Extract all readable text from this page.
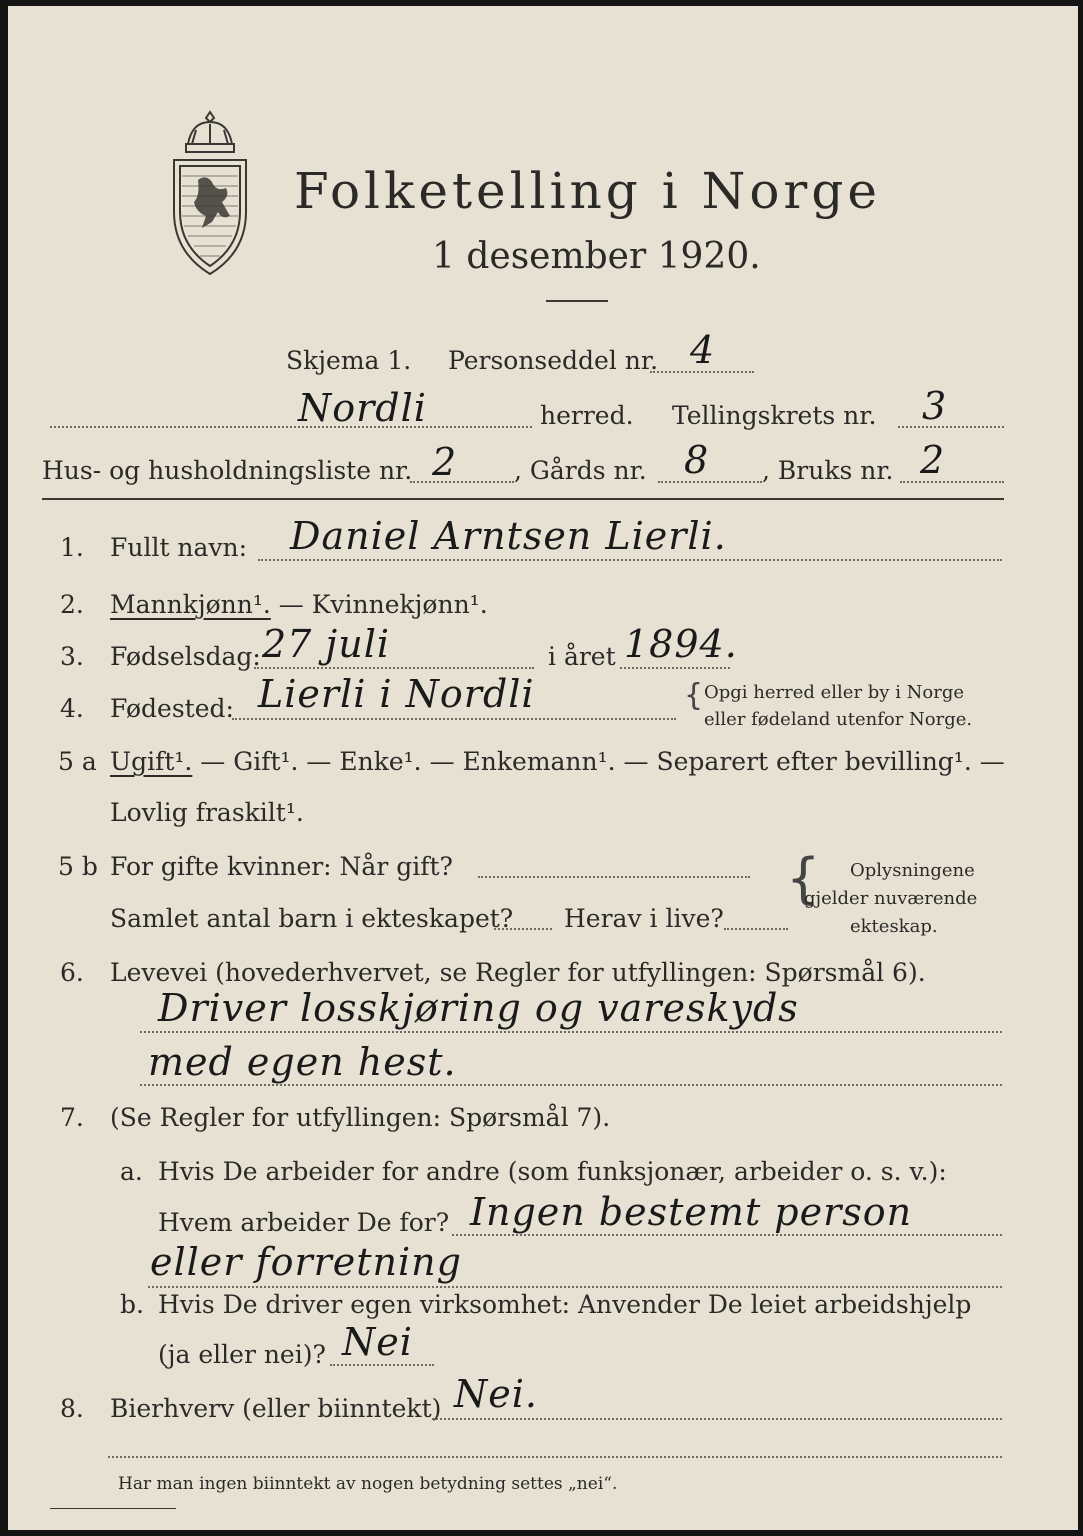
Folketelling i Norge
1 desember 1920.
Skjema 1. Personseddel nr. 4
Nordli	herred. Tellingskrets nr. 3
Hus- og husholdningsliste nr. 2 , Gårds nr. 8 , Bruks nr. 2
1. Fullt navn: Daniel Arntsen Lierli.
2. Mannkjønn¹. — Kvinnekjønn¹.
3. Fødselsdag: 27 juli	i året 1894.
4. Fødested: Lierli i Nordli	{ Opgi herred eller by i Norge
eller fødeland utenfor Norge.
5 a Ugift¹. — Gift¹. — Enke¹. — Enkemann¹. — Separert efter bevilling¹. —
Lovlig fraskilt¹.
5 b For gifte kvinner: Når gift?
Samlet antal barn i ekteskapet? Herav i live?
{ Oplysningene
gjelder nuværende
ekteskap.
6. Levevei (hovederhvervet, se Regler for utfyllingen: Spørsmål 6).
Driver losskjøring og vareskyds
med egen hest.
7. (Se Regler for utfyllingen: Spørsmål 7).
a. Hvis De arbeider for andre (som funksjonær, arbeider o. s. v.):
Hvem arbeider De for? Ingen bestemt person
eller forretning
b. Hvis De driver egen virksomhet: Anvender De leiet arbeidshjelp
(ja eller nei)? Nei
8. Bierhverv (eller biinntekt) Nei.
Har man ingen biinntekt av nogen betydning settes „nei“.
